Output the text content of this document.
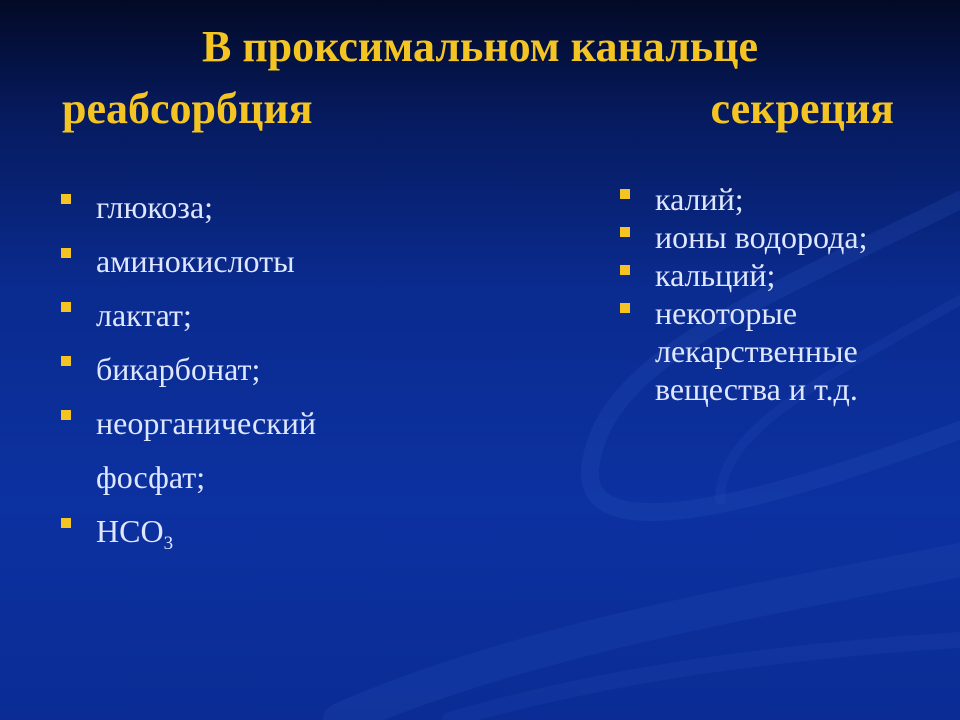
В проксимальном канальце
реабсорбция	секреция
глюкоза;
аминокислоты
лактат;
бикарбонат;
неорганический
фосфат;
$HCO_3$
калий;
ионы водорода;
кальций;
некоторые лекарственные вещества и т.д.
